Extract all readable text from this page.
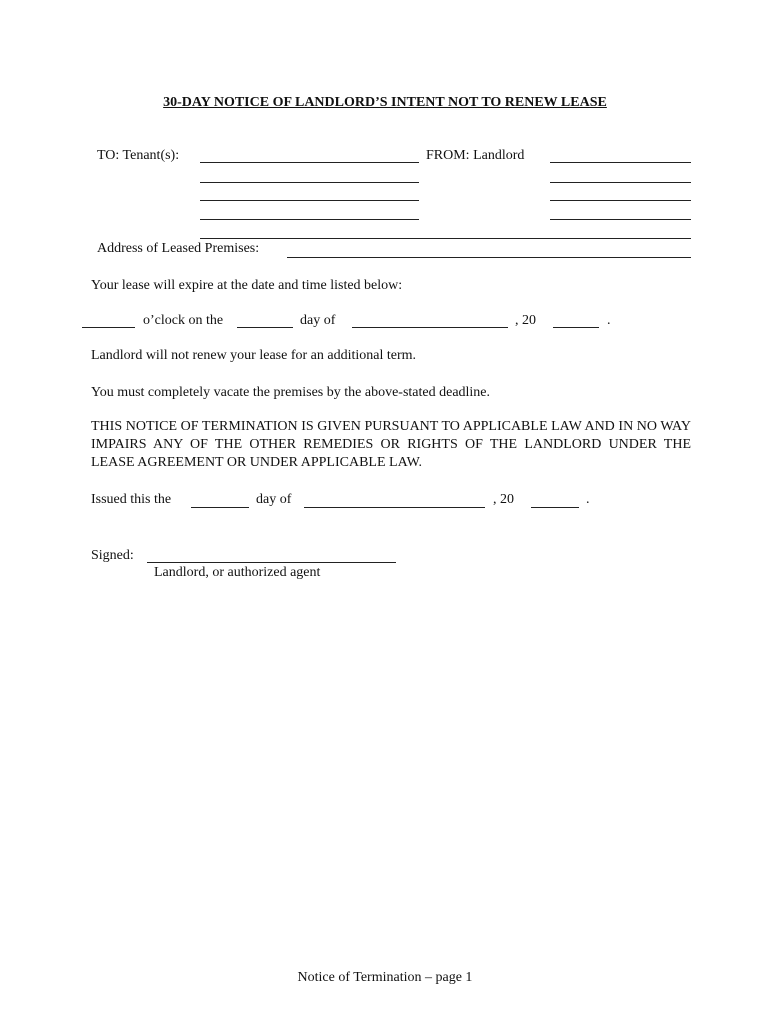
30-DAY NOTICE OF LANDLORD’S INTENT NOT TO RENEW LEASE
TO: Tenant(s):	FROM: Landlord
Address of Leased Premises:
Your lease will expire at the date and time listed below:
o’clock on the	day of	, 20	.
Landlord will not renew your lease for an additional term.
You must completely vacate the premises by the above-stated deadline.
THIS NOTICE OF TERMINATION IS GIVEN PURSUANT TO APPLICABLE LAW AND IN NO WAY IMPAIRS ANY OF THE OTHER REMEDIES OR RIGHTS OF THE LANDLORD UNDER THE LEASE AGREEMENT OR UNDER APPLICABLE LAW.
Issued this the	day of	, 20	.
Signed:
Landlord, or authorized agent
Notice of Termination – page 1
